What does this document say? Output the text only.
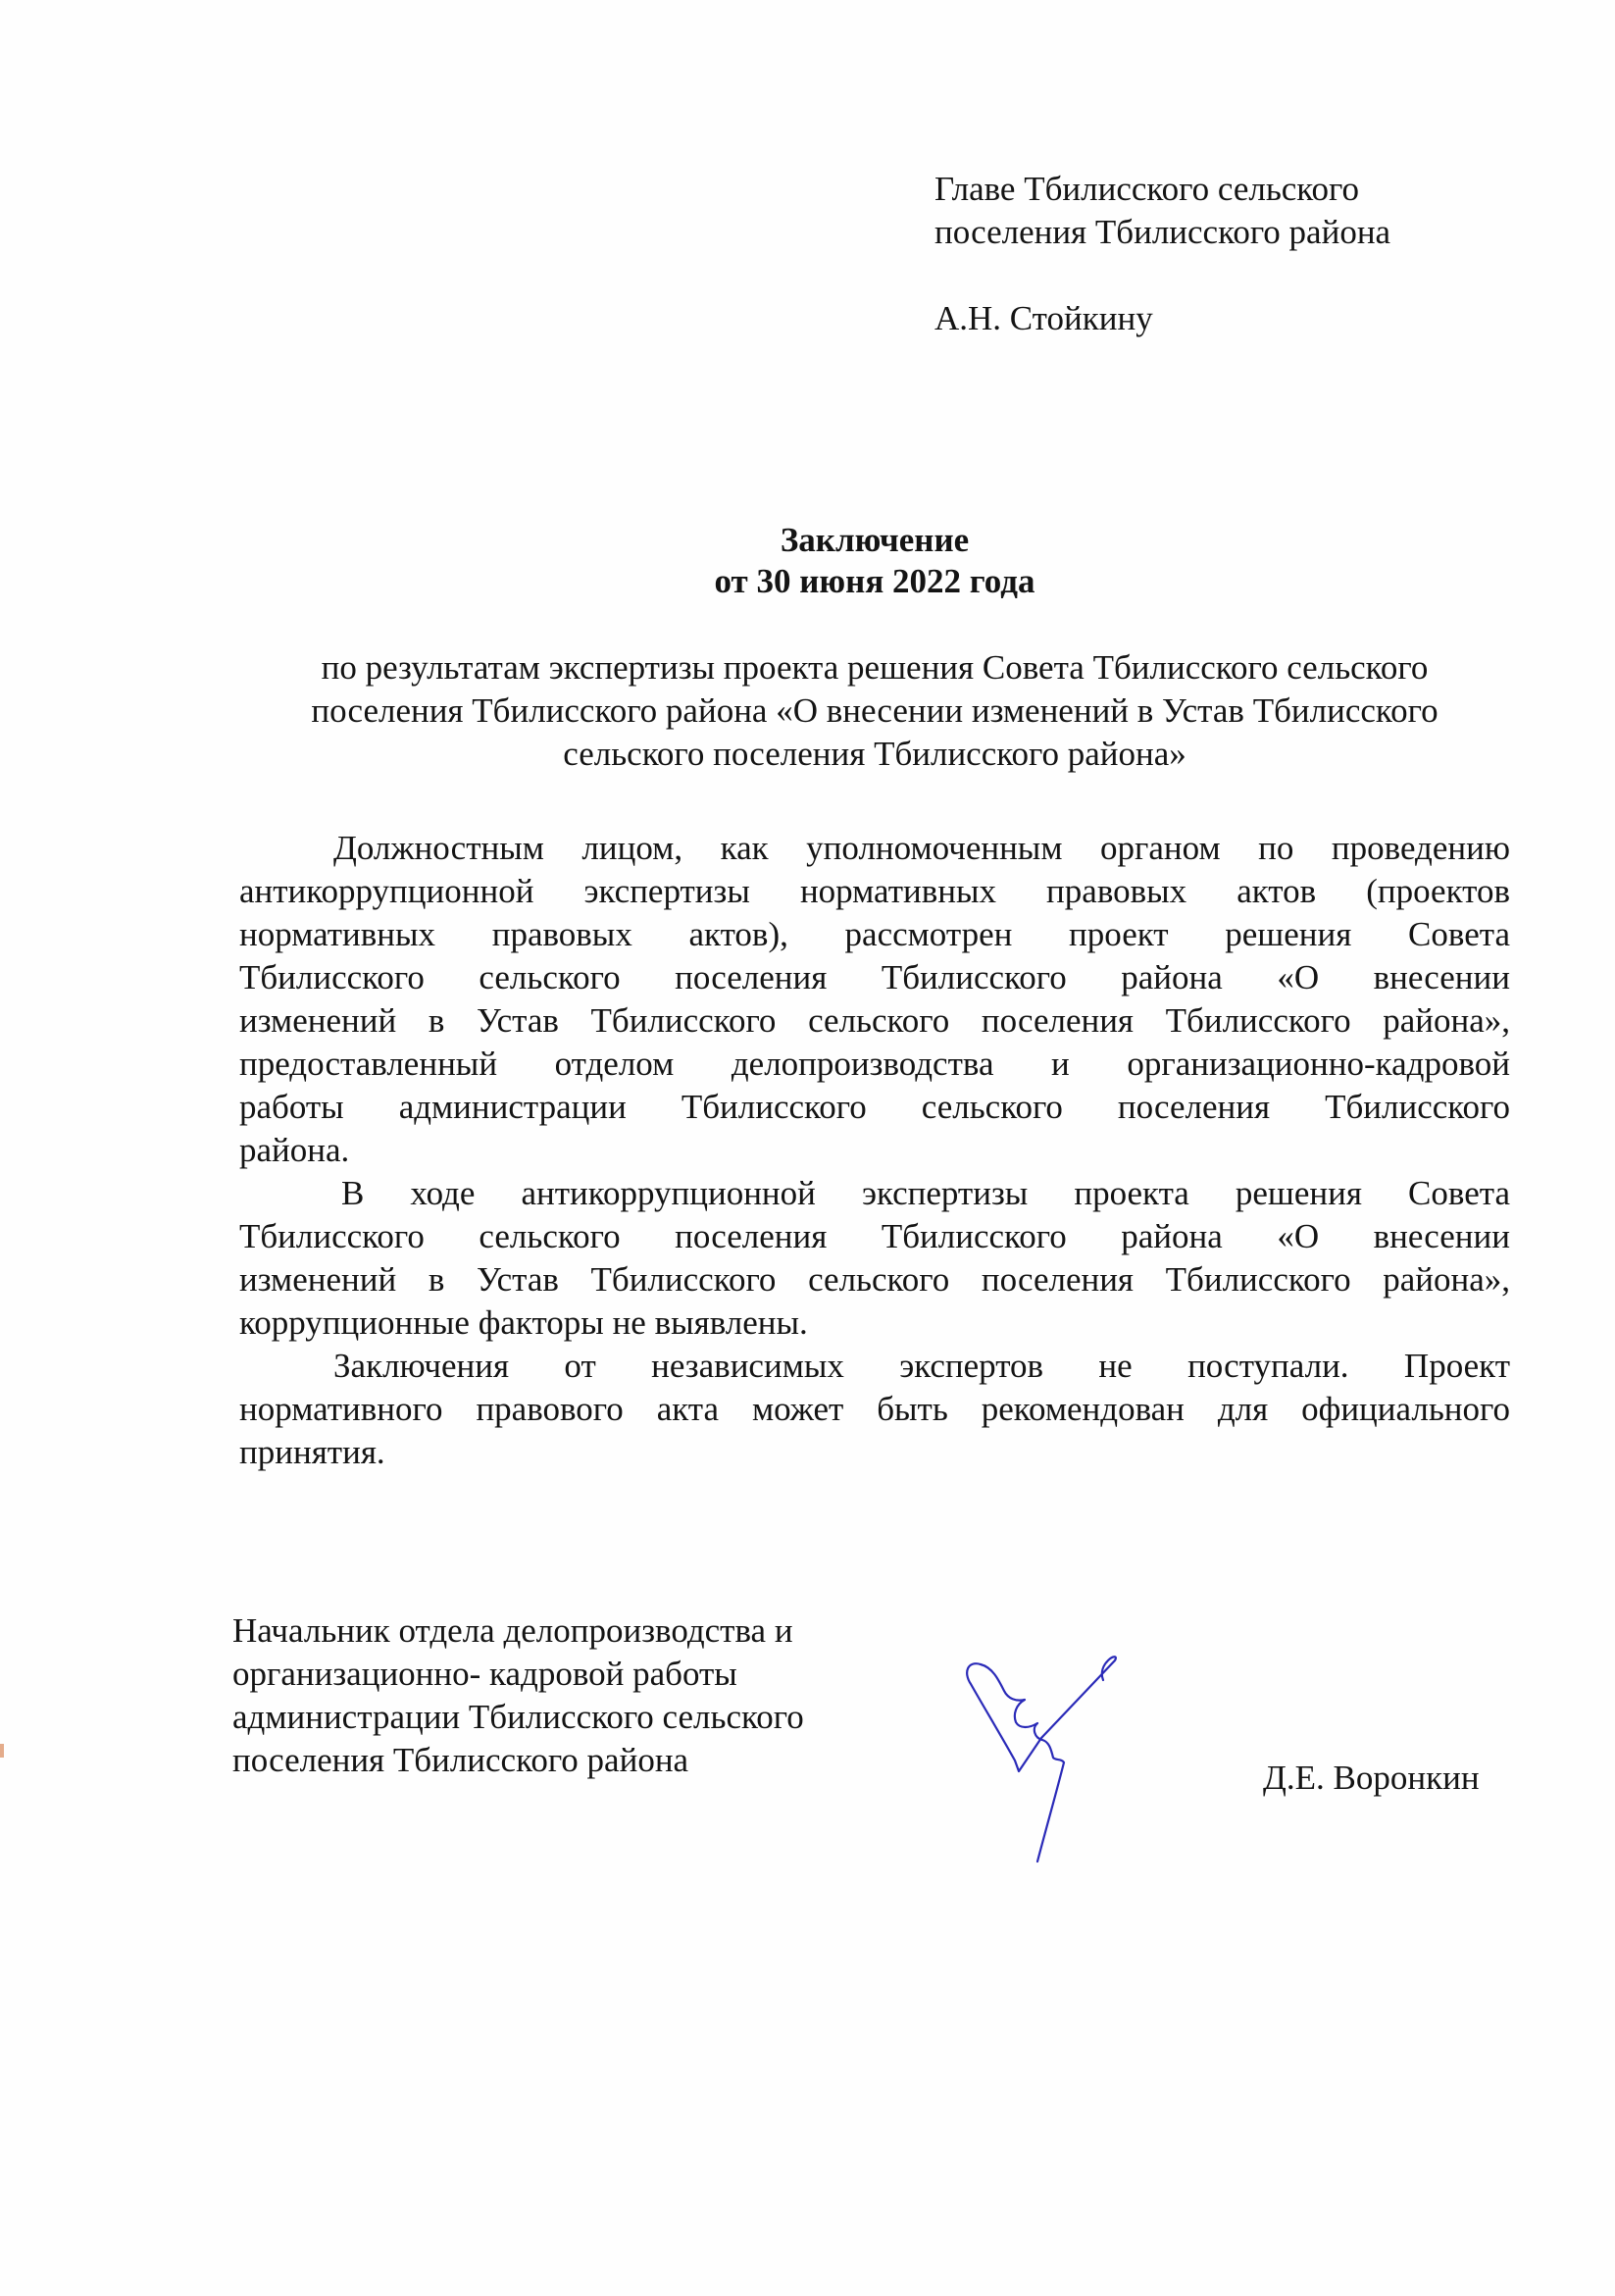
Главе Тбилисского сельского
поселения Тбилисского района
А.Н. Стойкину
Заключение
от 30 июня 2022 года
по результатам экспертизы проекта решения Совета Тбилисского сельского
поселения Тбилисского района «О внесении изменений в Устав Тбилисского
сельского поселения Тбилисского района»

Должностным лицом, как уполномоченным органом по проведению
антикоррупционной экспертизы нормативных правовых актов (проектов
нормативных правовых актов), рассмотрен проект решения Совета
Тбилисского сельского поселения Тбилисского района «О внесении
изменений в Устав Тбилисского сельского поселения Тбилисского района»,
предоставленный отделом делопроизводства и организационно-кадровой
работы администрации Тбилисского сельского поселения Тбилисского
района.

В ходе антикоррупционной экспертизы проекта решения Совета
Тбилисского сельского поселения Тбилисского района «О внесении
изменений в Устав Тбилисского сельского поселения Тбилисского района»,
коррупционные факторы не выявлены.

Заключения от независимых экспертов не поступали. Проект
нормативного правового акта может быть рекомендован для официального
принятия.

Начальник отдела делопроизводства и
организационно- кадровой работы
администрации Тбилисского сельского
поселения Тбилисского района	Д.Е. Воронкин
